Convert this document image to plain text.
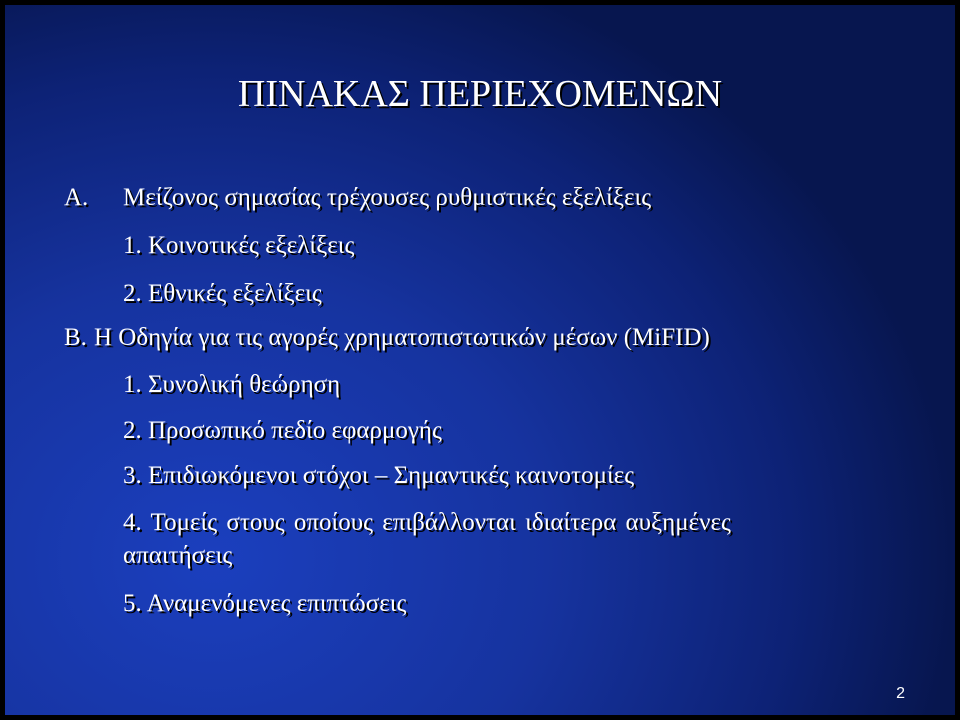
ΠΙΝΑΚΑΣ ΠΕΡΙΕΧΟΜΕΝΩΝ
Α. Μείζονος σημασίας τρέχουσες ρυθμιστικές εξελίξεις
1. Κοινοτικές εξελίξεις
2. Εθνικές εξελίξεις
Β. Η Οδηγία για τις αγορές χρηματοπιστωτικών μέσων (MiFID)
1. Συνολική θεώρηση
2. Προσωπικό πεδίο εφαρμογής
3. Επιδιωκόμενοι στόχοι – Σημαντικές καινοτομίες
4. Τομείς στους οποίους επιβάλλονται ιδιαίτερα αυξημένες
απαιτήσεις
5. Αναμενόμενες επιπτώσεις
2
